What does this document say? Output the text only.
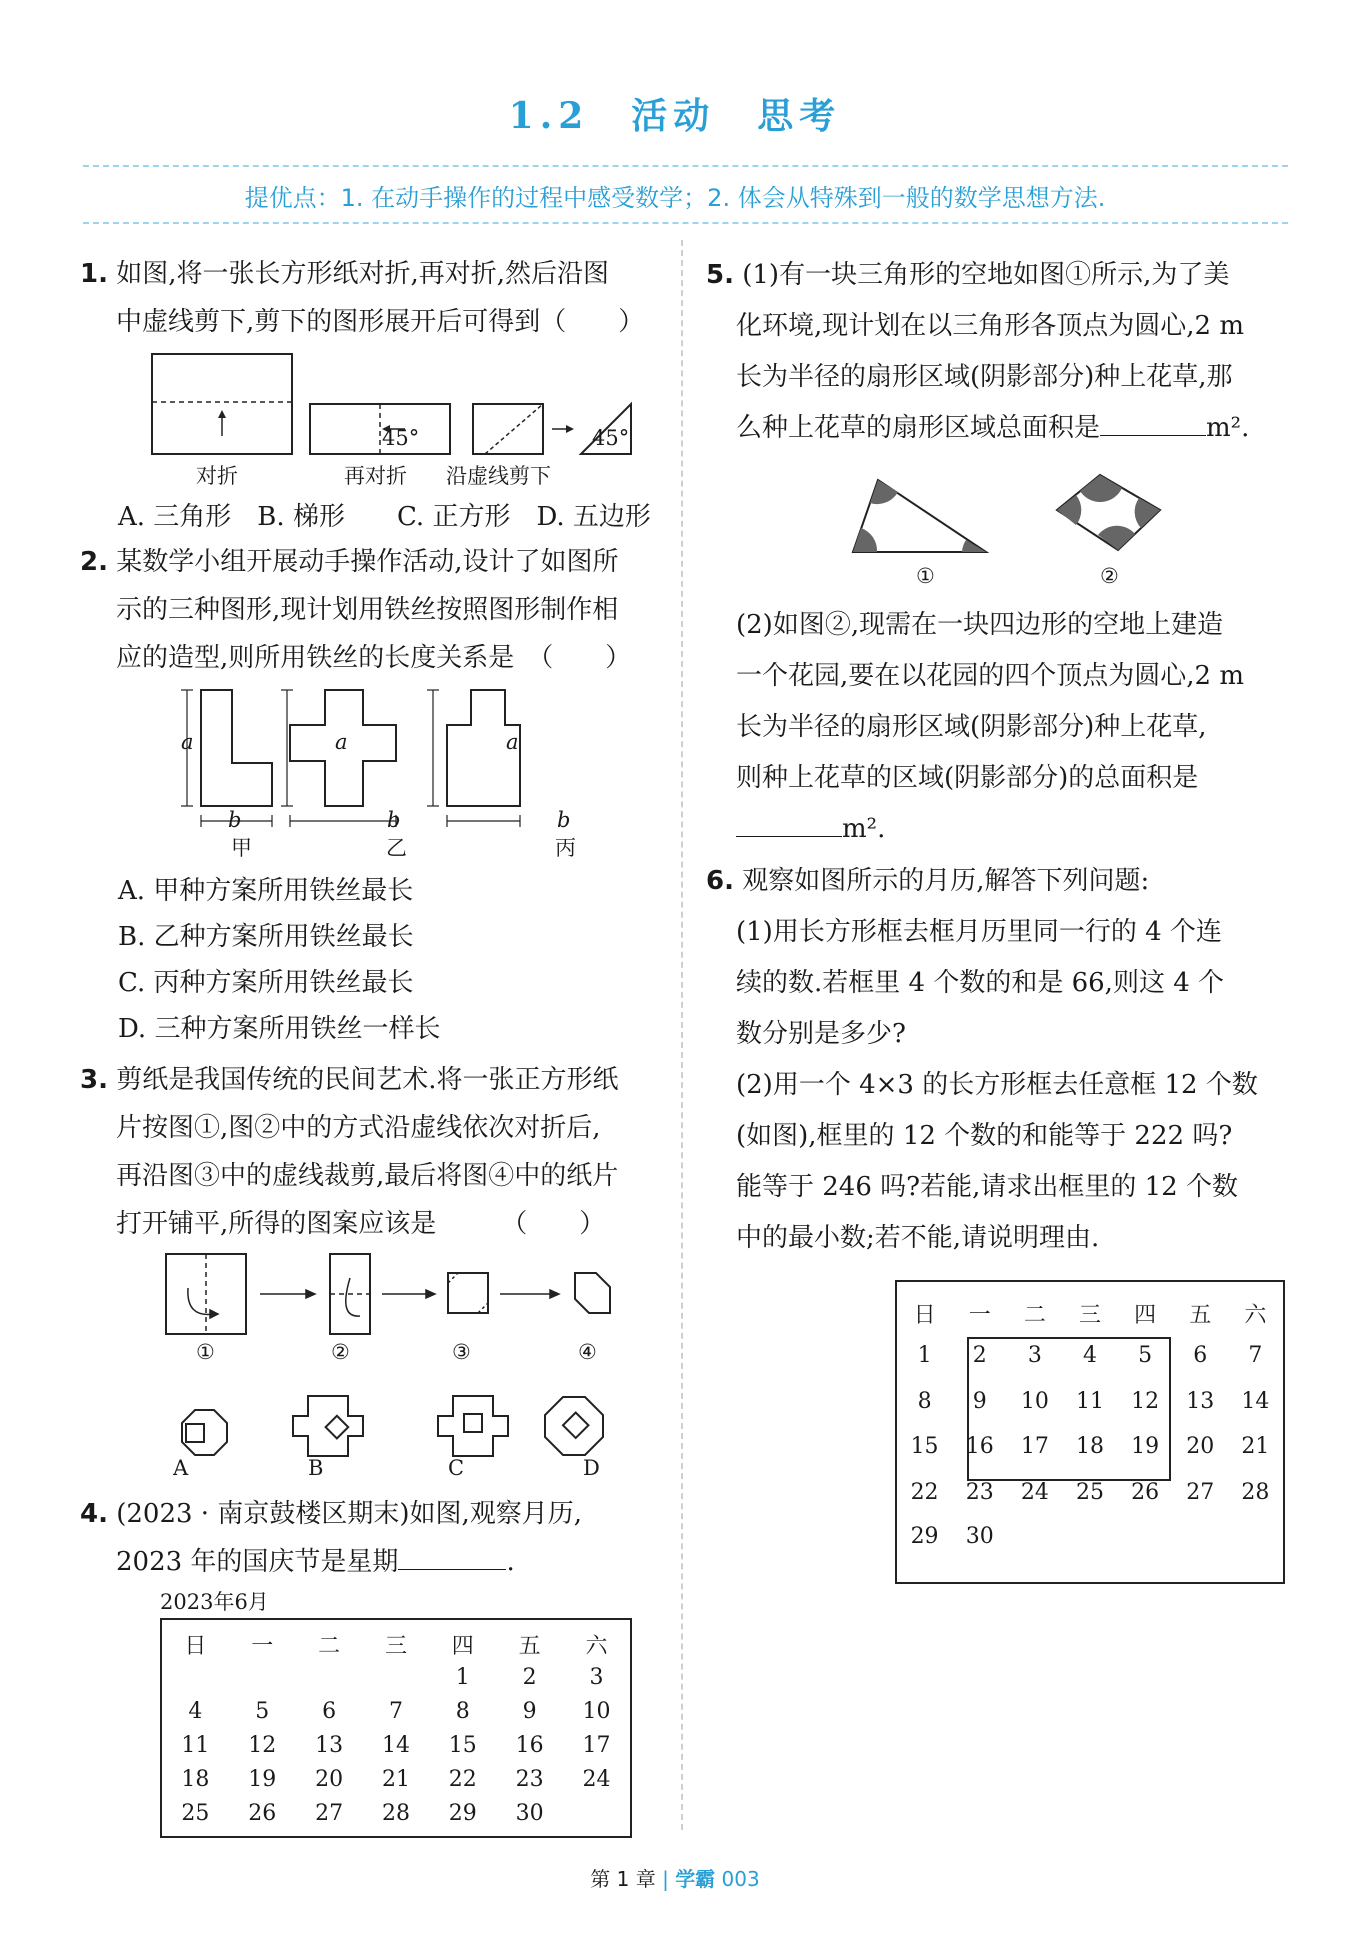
1.2　活动　思考
提优点：1. 在动手操作的过程中感受数学；2. 体会从特殊到一般的数学思想方法.
1. 如图,将一张长方形纸对折,再对折,然后沿图
中虚线剪下,剪下的图形展开后可得到（　　）
45°	45°
对折	再对折 沿虚线剪下
A. 三角形　B. 梯形　　C. 正方形　D. 五边形
2. 某数学小组开展动手操作活动,设计了如图所
示的三种图形,现计划用铁丝按照图形制作相
应的造型,则所用铁丝的长度关系是　（　　）
a
b
甲
a
b
乙
a
b
丙
A. 甲种方案所用铁丝最长
B. 乙种方案所用铁丝最长
C. 丙种方案所用铁丝最长
D. 三种方案所用铁丝一样长
3. 剪纸是我国传统的民间艺术.将一张正方形纸
片按图①,图②中的方式沿虚线依次对折后,
再沿图③中的虚线裁剪,最后将图④中的纸片
打开铺平,所得的图案应该是　　　（　　）
①	②	③	④
A	B	C	D
4. (2023 · 南京鼓楼区期末)如图,观察月历,
2023 年的国庆节是星期	.
2023年6月
日	一	二	三	四	五	六
				1	2	3
4	5	6	7	8	9	10
11	12	13	14	15	16	17
18	19	20	21	22	23	24
25	26	27	28	29	30	
5. (1)有一块三角形的空地如图①所示,为了美
化环境,现计划在以三角形各顶点为圆心,2 m
长为半径的扇形区域(阴影部分)种上花草,那
么种上花草的扇形区域总面积是	m².
①	②
(2)如图②,现需在一块四边形的空地上建造
一个花园,要在以花园的四个顶点为圆心,2 m
长为半径的扇形区域(阴影部分)种上花草,
则种上花草的区域(阴影部分)的总面积是
m².
6. 观察如图所示的月历,解答下列问题:
(1)用长方形框去框月历里同一行的 4 个连
续的数.若框里 4 个数的和是 66,则这 4 个
数分别是多少?
(2)用一个 4×3 的长方形框去任意框 12 个数
(如图),框里的 12 个数的和能等于 222 吗?
能等于 246 吗?若能,请求出框里的 12 个数
中的最小数;若不能,请说明理由.
日	一	二	三	四	五	六
1	2	3	4	5	6	7
8	9	10	11	12	13	14
15	16	17	18	19	20	21
22	23	24	25	26	27	28
29	30					
第 1 章 | 学霸 003
